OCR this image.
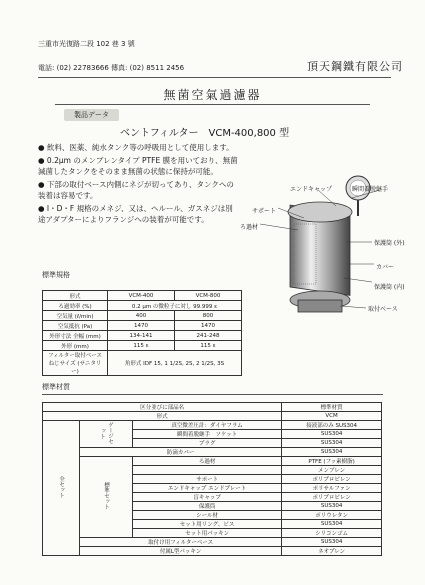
三重市光復路二段 102 巷 3 號
電話: (02) 22783666 傳真: (02) 8511 2456	頂天鋼鐵有限公司
無菌空氣過濾器
製品データ
ベントフィルター　VCM-400,800 型

● 飲料、医薬、純水タンク等の呼吸用として使用します。

● 0.2μm のメンブレンタイプ PTFE 膜を用いており、無菌減菌したタンクをそのまま無菌の状態に保持が可能。

● 下部の取付ベース内側にネジが切ってあり、タンクへの装着は容易です。

● I・D・F 規格のメネジ、又は、ヘルール、ガスネジは別途アダプターによりフランジへの装着が可能です。

瞬間着脱継手
エンドキャップ
サポート
ろ過材
保護筒 (外)
カバー
保護筒 (内)
取付ベース
標準規格
形式	VCM-400	VCM-800
ろ過効率 (%)	0.2 μm の微粒子に対し 99.999 ε	
空気量 (ℓ/min)	400	800
空気抵抗 (Pa)	1470	1470
外形寸法 全幅 (mm)	134-141	241-248
外形 (mm)	115 ε	115 ε
フィルター取付ベース ねじサイズ (サニタリー)	角形式 IDF 15, 1 1/2S, 2S, 2 1/2S, 3S	
標準材質
区分並びに部品名			標準材質
形式			VCM
全セット	ゲージセット	真空微差圧計：ダイヤフラム	接液部のみ SUS304
		瞬間着脱継手　ソケット	SUS304
		プラグ	SUS304
	防滴カバー		SUS304
	標準セット	ろ過材	PTFE (フッ素樹脂)
			メンブレン
		サポート	ポリプロピレン
		エンドキャップ エンドプレート	ポリサルファン
		盲キャップ	ポリプロピレン
		保護筒	SUS304
		シール材	ポリウレタン
		セット用リング、ビス	SUS304
		セット用パッキン	シリコンゴム
	取付け用フィルターベース		SUS304
	付属L型パッキン		ネオプレン
